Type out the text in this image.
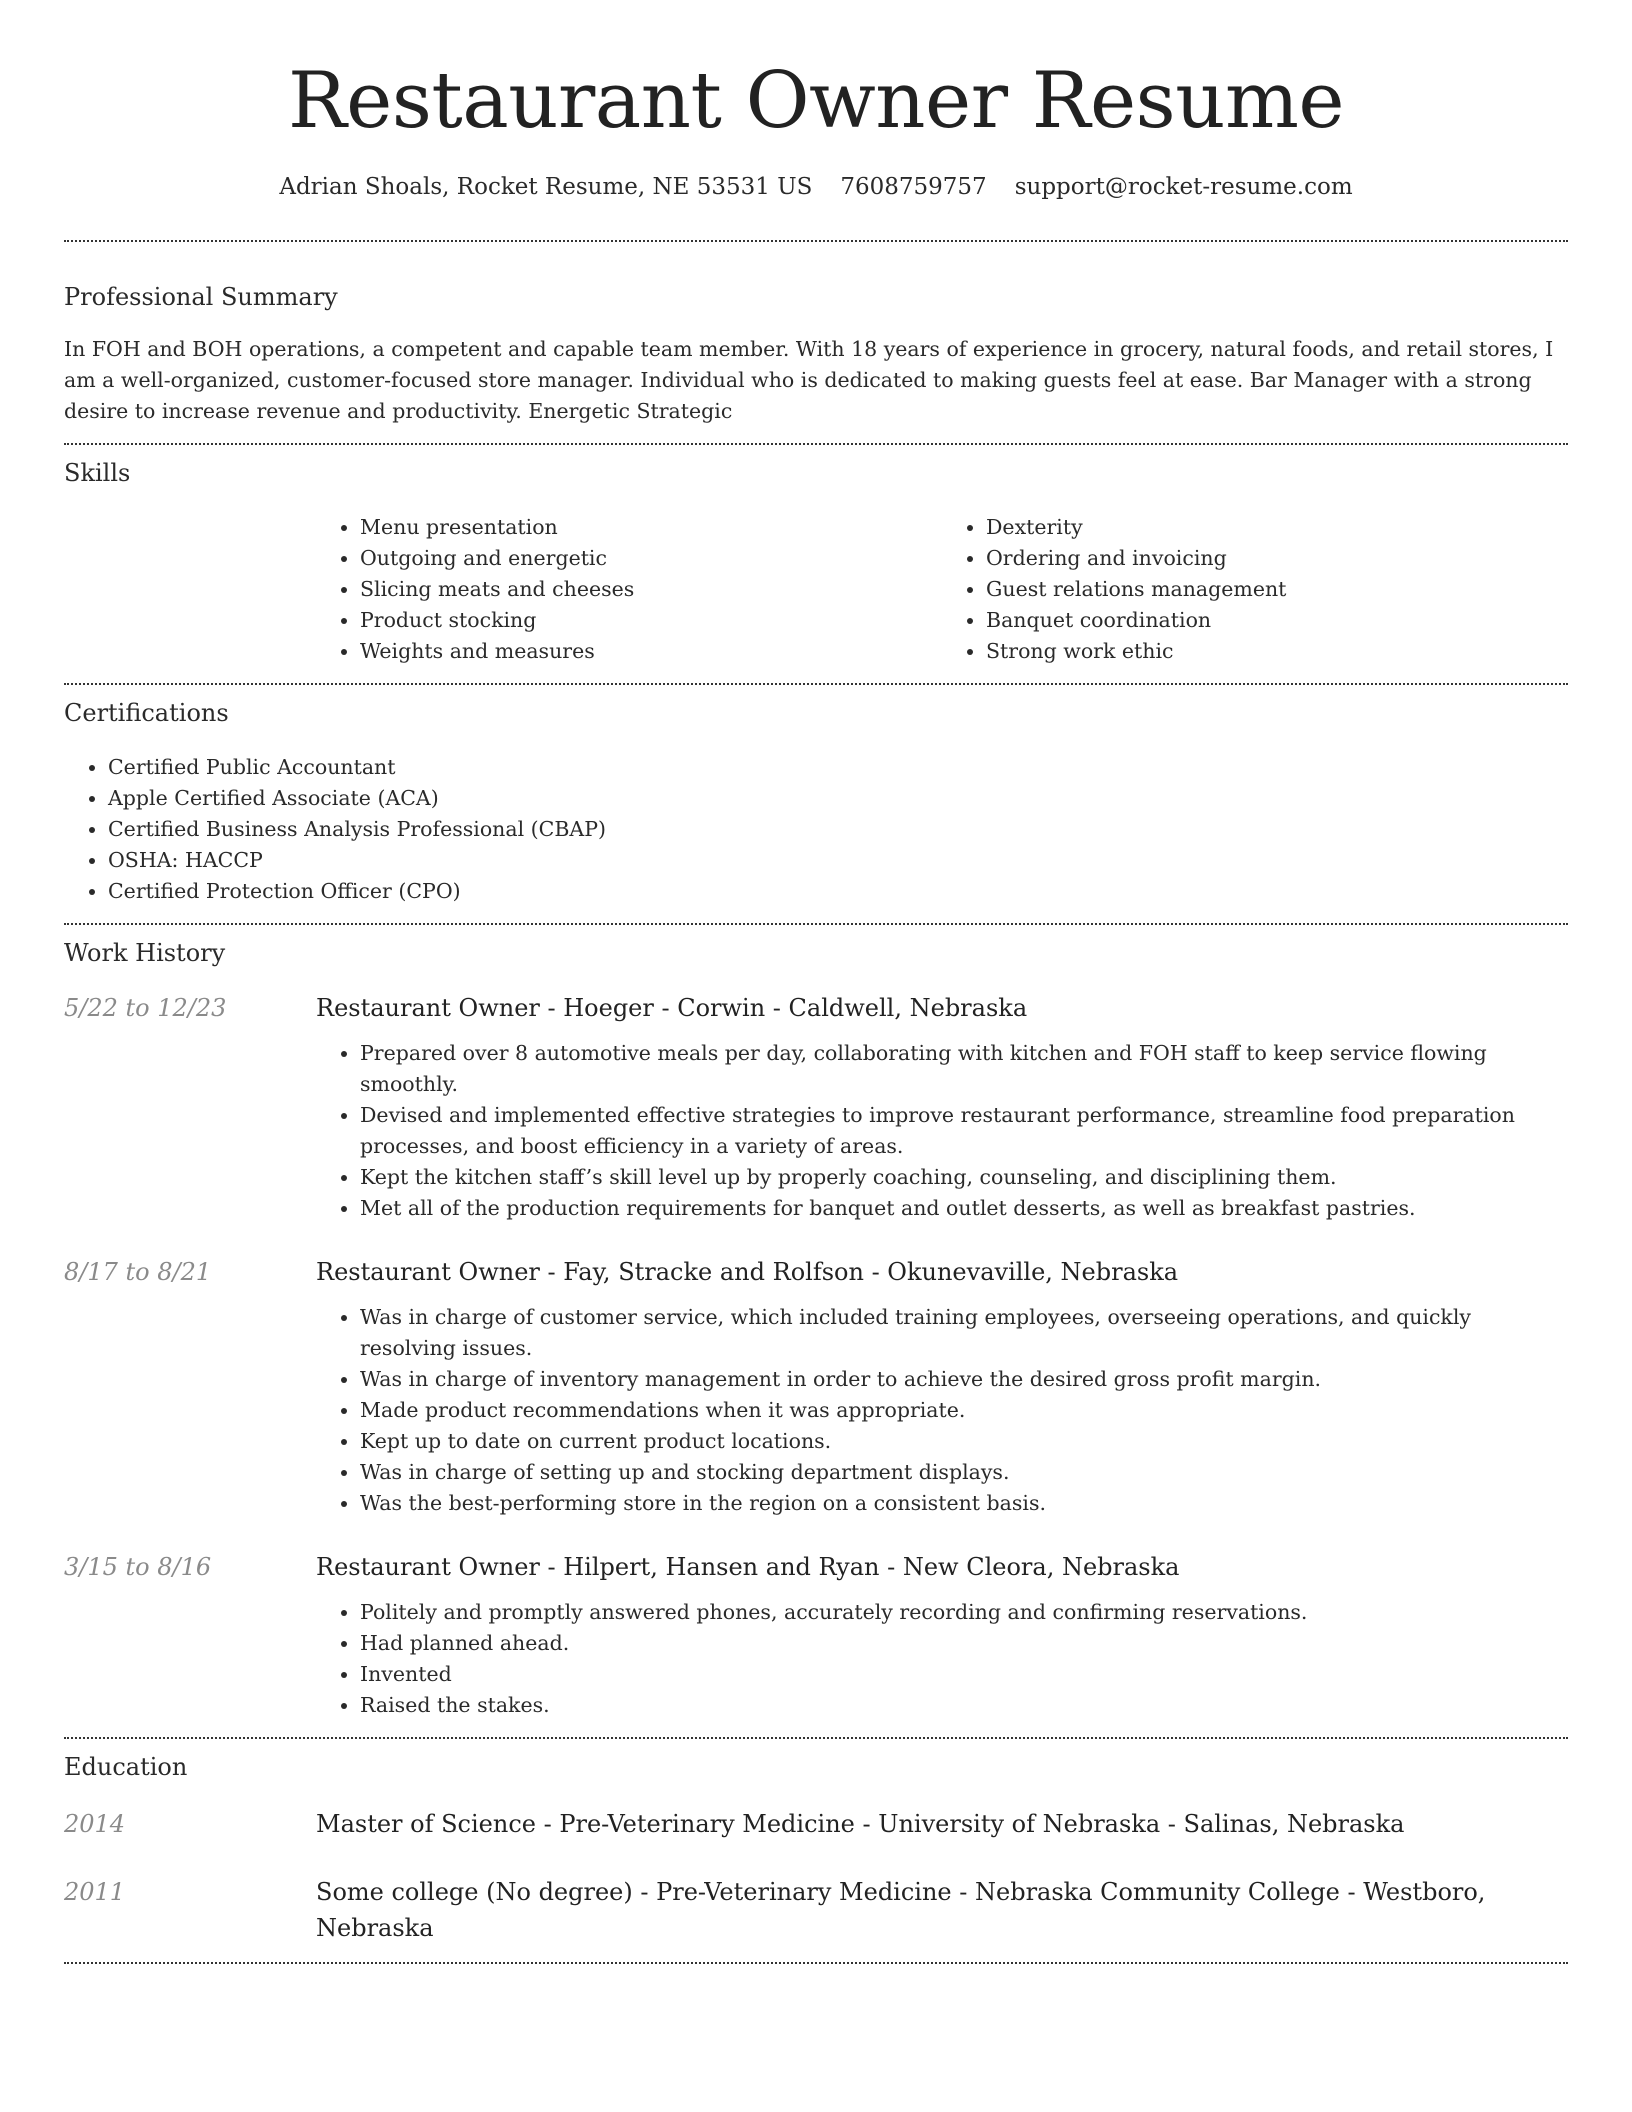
Restaurant Owner Resume
Adrian Shoals, Rocket Resume, NE 53531 US 7608759757 support@rocket-resume.com
Professional Summary

In FOH and BOH operations, a competent and capable team member. With 18 years of experience in grocery, natural foods, and retail stores, I am a well-organized, customer-focused store manager. Individual who is dedicated to making guests feel at ease. Bar Manager with a strong desire to increase revenue and productivity. Energetic Strategic

Skills
• Menu presentation
• Outgoing and energetic
• Slicing meats and cheeses
• Product stocking
• Weights and measures
• Dexterity
• Ordering and invoicing
• Guest relations management
• Banquet coordination
• Strong work ethic
Certifications
• Certified Public Accountant
• Apple Certified Associate (ACA)
• Certified Business Analysis Professional (CBAP)
• OSHA: HACCP
• Certified Protection Officer (CPO)
Work History
5/22 to 12/23	Restaurant Owner - Hoeger - Corwin - Caldwell, Nebraska
• Prepared over 8 automotive meals per day, collaborating with kitchen and FOH staff to keep service flowing smoothly.
• Devised and implemented effective strategies to improve restaurant performance, streamline food preparation processes, and boost efficiency in a variety of areas.
• Kept the kitchen staff’s skill level up by properly coaching, counseling, and disciplining them.
• Met all of the production requirements for banquet and outlet desserts, as well as breakfast pastries.
8/17 to 8/21	Restaurant Owner - Fay, Stracke and Rolfson - Okunevaville, Nebraska
• Was in charge of customer service, which included training employees, overseeing operations, and quickly resolving issues.
• Was in charge of inventory management in order to achieve the desired gross profit margin.
• Made product recommendations when it was appropriate.
• Kept up to date on current product locations.
• Was in charge of setting up and stocking department displays.
• Was the best-performing store in the region on a consistent basis.
3/15 to 8/16	Restaurant Owner - Hilpert, Hansen and Ryan - New Cleora, Nebraska
• Politely and promptly answered phones, accurately recording and confirming reservations.
• Had planned ahead.
• Invented
• Raised the stakes.
Education
2014	Master of Science - Pre-Veterinary Medicine - University of Nebraska - Salinas, Nebraska
2011	Some college (No degree) - Pre-Veterinary Medicine - Nebraska Community College - Westboro, Nebraska
